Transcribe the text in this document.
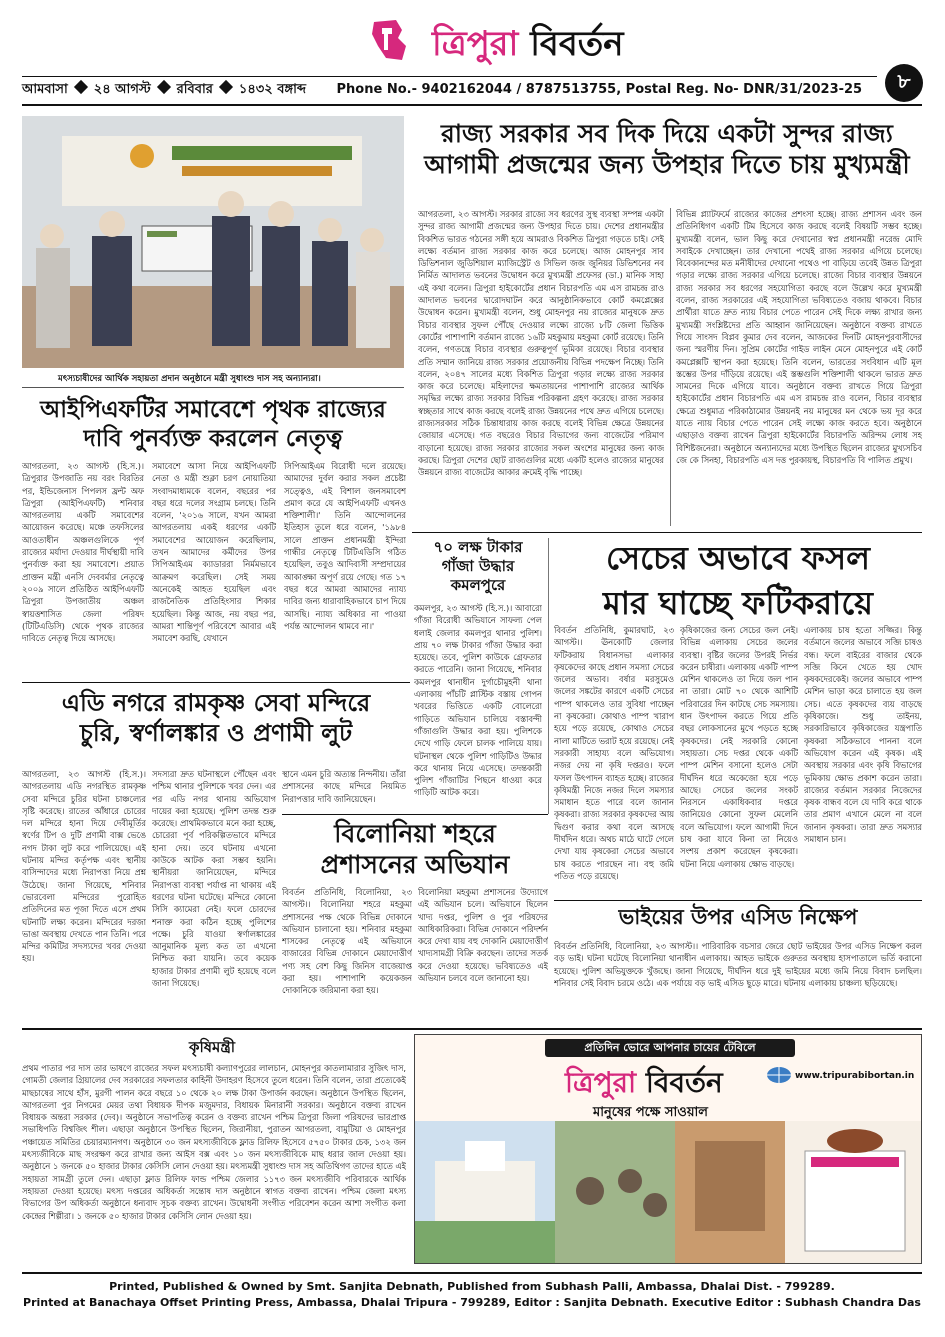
ত্রিপুরা বিবর্তন
৮
আমবাসা ২৪ আগস্ট রবিবার ১৪৩২ বঙ্গাব্দ Phone No.- 9402162044 / 8787513755, Postal Reg. No- DNR/31/2023-25
মৎস্যচাষীদের আর্থিক সহায়তা প্রদান অনুষ্ঠানে মন্ত্রী সুধাংশু দাস সহ অন্যান্যরা।
রাজ্য সরকার সব দিক দিয়ে একটা সুন্দর রাজ্য
আগামী প্রজন্মের জন্য উপহার দিতে চায় মুখ্যমন্ত্রী
আগরতলা, ২৩ আগস্ট। সরকার রাজ্যে সব ধরণের সুস্থ ব্যবস্থা সম্পন্ন একটা সুন্দর রাজ্য আগামী প্রজন্মের জন্য উপহার দিতে চায়। দেশের প্রধানমন্ত্রীর বিকশিত ভারত গঠনের সঙ্গী হয়ে আমরাও বিকশিত ত্রিপুরা গড়তে চাই। সেই লক্ষ্যে বর্তমান রাজ্য সরকার কাজ করে চলেছে। আজ মোহনপুর সাব ডিভিশনাল জুডিশিয়াল ম্যাজিস্ট্রেট ও সিভিল জজ জুনিয়র ডিভিশনের নব নির্মিত আদালত ভবনের উদ্বোধন করে মুখ্যমন্ত্রী প্রফেসর (ডা.) মানিক সাহা এই কথা বলেন। ত্রিপুরা হাইকোর্টের প্রধান বিচারপতি এম এস রামচন্দ্র রাও আদালত ভবনের দ্বারোদঘাটন করে আনুষ্ঠানিকভাবে কোর্ট কমপ্লেক্সের উদ্বোধন করেন। মুখ্যমন্ত্রী বলেন, শুধু মোহনপুর নয় রাজ্যের মানুষকে দ্রুত বিচার ব্যবস্থার সুফল পৌঁছে দেওয়ার লক্ষ্যে রাজ্যে ৮টি জেলা ভিত্তিক কোর্টের পাশাপাশি বর্তমান রাজ্যে ১৬টি মহকুমায় মহকুমা কোর্ট রয়েছে। তিনি বলেন, গণতন্ত্রে বিচার ব্যবস্থার গুরুত্বপূর্ণ ভূমিকা রয়েছে। বিচার ব্যবস্থার প্রতি সম্মান জানিয়ে রাজ্য সরকার প্রয়োজনীয় বিভিন্ন পদক্ষেপ নিচ্ছে। তিনি বলেন, ২০৪৭ সালের মধ্যে বিকশিত ত্রিপুরা গড়ার লক্ষ্যে রাজ্য সরকার কাজ করে চলেছে। মহিলাদের ক্ষমতায়নের পাশাপাশি রাজ্যের আর্থিক সমৃদ্ধির লক্ষ্যে রাজ্য সরকার বিভিন্ন পরিকল্পনা গ্রহণ করেছে। রাজ্য সরকার স্বচ্ছতার সাথে কাজ করছে বলেই রাজ্য উন্নয়নের পথে দ্রুত এগিয়ে চলেছে। রাজ্যসরকার সঠিক চিন্তাধারায় কাজ করছে বলেই বিভিন্ন ক্ষেত্রে উন্নয়নের জোয়ার এসেছে। গত বছরেও বিচার বিভাগের জন্য বাজেটের পরিমাণ বাড়ানো হয়েছে। রাজ্য সরকার রাজ্যের সকল অংশের মানুষের জন্য কাজ করছে। ত্রিপুরা দেশের ছোট রাজ্যগুলির মধ্যে একটি হলেও রাজ্যের মানুষের উন্নয়নে রাজ্য বাজেটের আকার ক্রমেই বৃদ্ধি পাচ্ছে।
বিভিন্ন প্ল্যাটফর্মে রাজ্যের কাজের প্রশংসা হচ্ছে। রাজ্য প্রশাসন এবং জন প্রতিনিধিগণ একটি টিম হিসেবে কাজ করছে বলেই বিষয়টি সম্ভব হচ্ছে। মুখ্যমন্ত্রী বলেন, ভাল কিছু করে দেখানোর স্বপ্ন প্রধানমন্ত্রী নরেন্দ্র মোদি সবাইকে দেখাচ্ছেন। তার দেখানো পথেই রাজ্য সরকার এগিয়ে চলেছে। বিবেকানন্দের মত মনীষীদের দেখানো পথেও পা বাড়িয়ে তবেই উন্নত ত্রিপুরা গড়ার লক্ষ্যে রাজ্য সরকার এগিয়ে চলেছে। রাজ্যে বিচার ব্যবস্থার উন্নয়নে রাজ্য সরকার সব ধরণের সহযোগিতা করছে বলে উল্লেখ করে মুখ্যমন্ত্রী বলেন, রাজ্য সরকারের এই সহযোগিতা ভবিষ্যতেও বজায় থাকবে। বিচার প্রার্থীরা যাতে দ্রুত ন্যায় বিচার পেতে পারেন সেই দিকে লক্ষ্য রাখার জন্য মুখ্যমন্ত্রী সংশ্লিষ্টদের প্রতি আহ্বান জানিয়েছেন। অনুষ্ঠানে বক্তব্য রাখতে গিয়ে সাংসদ বিপ্লব কুমার দেব বলেন, আজকের দিনটি মোহনপুরবাসীদের জন্য স্মরণীয় দিন। সুপ্রিম কোর্টের গাইড লাইন মেনে মোহনপুরে এই কোর্ট কমপ্লেক্সটি স্থাপন করা হয়েছে। তিনি বলেন, ভারতের সংবিধান এটি মূল স্তম্ভের উপর দাঁড়িয়ে রয়েছে। এই স্তম্ভগুলি শক্তিশালী থাকলে ভারত দ্রুত সামনের দিকে এগিয়ে যাবে। অনুষ্ঠানে বক্তব্য রাখতে গিয়ে ত্রিপুরা হাইকোর্টের প্রধান বিচারপতি এম এস রামচন্দ্র রাও বলেন, বিচার ব্যবস্থার ক্ষেত্রে শুধুমাত্র পরিকাঠামোর উন্নয়নই নয় মানুষের মন থেকে ভয় দূর করে যাতে ন্যায় বিচার পেতে পারেন সেই লক্ষ্যে কাজ করতে হবে। অনুষ্ঠানে এছাড়াও বক্তব্য রাখেন ত্রিপুরা হাইকোর্টের বিচারপতি অরিন্দম লোধ সহ বিশিষ্টজনেরা। অনুষ্ঠানে অন্যান্যদের মধ্যে উপস্থিত ছিলেন রাজ্যের মুখ্যসচিব জে কে সিনহা, বিচারপতি এস দত্ত পুরকায়স্থ, বিচারপতি বি পালিত প্রমুখ।
আইপিএফটির সমাবেশে পৃথক রাজ্যের
দাবি পুনর্ব্যক্ত করলেন নেতৃত্ব
আগরতলা, ২৩ আগস্ট (হি.স.)। ত্রিপুরার উপজাতি নয় বরং বিরতির পর, ইন্ডিজেনাস পিপলস ফ্রন্ট অফ ত্রিপুরা (আইপিএফটি) শনিবার আগরতলায় একটি সমাবেশের আয়োজন করেছে। মঞ্চে তফসিলের আওতাধীন অঞ্চলগুলিকে পূর্ণ রাজ্যের মর্যাদা দেওয়ার দীর্ঘস্থায়ী দাবি পুনর্ব্যক্ত করা হয় সমাবেশে। প্রয়াত প্রাক্তন মন্ত্রী এনসি দেববর্মার নেতৃত্বে ২০০৯ সালে প্রতিষ্ঠিত আইপিএফটি ত্রিপুরা উপজাতীয় অঞ্চল স্বায়ত্তশাসিত জেলা পরিষদ (টিটিএডিসি) থেকে পৃথক রাজ্যের দাবিতে নেতৃত্ব দিয়ে আসছে।
সমাবেশে আসা নিয়ে আইপিএফটি নেতা ও মন্ত্রী শুক্লা চরণ নোয়াতিয়া সংবাদমাধ্যমকে বলেন, বছরের পর বছর ধরে দলের সংগ্রাম চলছে। তিনি বলেন, '২০১৬ সালে, যখন আমরা আগরতলায় একই ধরণের একটি সমাবেশের আয়োজন করেছিলাম, তখন আমাদের কর্মীদের উপর সিপিআইএম ক্যাডাররা নির্মমভাবে আক্রমণ করেছিল। সেই সময় অনেকেই আহত হয়েছিল এবং রাজনৈতিক প্রতিহিংসার শিকার হয়েছিল। কিন্তু আজ, নয় বছর পর, আমরা শান্তিপূর্ণ পরিবেশে আবার এই সমাবেশ করছি, যেখানে
সিপিআইএম বিরোধী দলে রয়েছে। আমাদের দুর্বল করার সকল প্রচেষ্টা সত্ত্বেও, এই বিশাল জনসমাবেশ প্রমাণ করে যে আইপিএফটি এখনও শক্তিশালী।' তিনি আন্দোলনের ইতিহাস তুলে ধরে বলেন, '১৯৮৪ সালে প্রাক্তন প্রধানমন্ত্রী ইন্দিরা গান্ধীর নেতৃত্বে টিটিএডিসি গঠিত হয়েছিল, তবুও আদিবাসী সম্প্রদায়ের আকাঙ্ক্ষা অপূর্ণ রয়ে গেছে। গত ১৭ বছর ধরে আমরা আমাদের ন্যায্য দাবির জন্য ধারাবাহিকভাবে চাপ দিয়ে আসছি। ন্যায্য অধিকার না পাওয়া পর্যন্ত আন্দোলন থামবে না।'
৭০ লক্ষ টাকার
গাঁজা উদ্ধার
কমলপুরে
কমলপুর, ২৩ আগস্ট (হি.স.)। আবারো গাঁজা বিরোধী অভিযানে সাফল্য পেল ধলাই জেলার কমলপুর থানার পুলিশ। প্রায় ৭০ লক্ষ টাকার গাঁজা উদ্ধার করা হয়েছে। তবে, পুলিশ কাউকে গ্রেফতার করতে পারেনি। জানা গিয়েছে, শনিবার কমলপুর থানাধীন দুর্গাচৌমুহনী থানা এলাকায় পাঁচটি প্লাস্টিক বস্তায় গোপন খবরের ভিত্তিতে একটি বোলেরো গাড়িতে অভিযান চালিয়ে বস্তাবন্দী গাঁজাগুলি উদ্ধার করা হয়। পুলিশকে দেখে গাড়ি ফেলে চালক পালিয়ে যায়। ঘটনাস্থল থেকে পুলিশ গাড়িটিও উদ্ধার করে থানায় নিয়ে এসেছে। তদন্তকারী পুলিশ গাঁজাটির পিছনে ধাওয়া করে গাড়িটি আটক করে।
সেচের অভাবে ফসল
মার ঘাচ্ছে ফটিকরায়ে
বিবর্তন প্রতিনিধি, কুমারঘাট, ২৩ আগস্ট।। ঊনকোটি জেলার ফটিকরায় বিধানসভা এলাকার কৃষকেদের কাছে প্রধান সমস্যা সেচের জলের অভাব। বর্ষার মরসুমেও জলের সঙ্কটের কারণে একটি সেচের পাম্প থাকলেও তার সুবিধা পাচ্ছেন না কৃষকেরা। কোথাও পাম্প খারাপ হয়ে পড়ে রয়েছে, কোথাও সেচের নালা মাটিতে ভরাট হয়ে রয়েছে। নেই সরকারী সাহায্য বলে অভিযোগ। নজর দেয় না কৃষি দপ্তরও। ফলে ফসল উৎপাদন ব্যাহত হচ্ছে। রাজ্যের কৃষিমন্ত্রী নিজে নজর দিলে সমস্যার সমাধান হতে পারে বলে জানান কৃষকরা। রাজ্য সরকার কৃষকদের আয় দ্বিগুণ করার কথা বলে আসছে দীর্ঘদিন ধরে। অথচ মাঠে ঘাটে গেলে দেখা যায় কৃষকেরা সেচের অভাবে চাষ করতে পারছেন না। বহু জমি পতিত পড়ে রয়েছে।
কৃষিকাজের জন্য সেচের জল নেই। বিভিন্ন এলাকায় সেচের জলের ব্যবস্থা। বৃষ্টির জলের উপরই নির্ভর করেন চাষীরা। এলাকায় একটি পাম্প মেশিন থাকলেও তা দিয়ে জল পান না তারা। মোট ৭০ থেকে আশিটি পরিবারের দিন কাটছে সেচ সমস্যায়। ধান উৎপাদন করতে গিয়ে প্রতি বছর লোকসানের মুখে পড়তে হচ্ছে কৃষকদের। নেই সরকারি কোনো সহায়তা। সেচ দপ্তর থেকে একটি পাম্প মেশিন বসানো হলেও সেটা দীর্ঘদিন ধরে অকেজো হয়ে পড়ে আছে। সেচের জলের সংকট নিরসনে একাধিকবার দপ্তরে জানিয়েও কোনো সুফল মেলেনি বলে অভিযোগ। ফলে আগামী দিনে চাষ করা যাবে কিনা তা নিয়েও সংশয় প্রকাশ করেছেন কৃষকেরা। ঘটনা নিয়ে এলাকায় ক্ষোভ বাড়ছে।
এলাকায় চাষ হতো সজ্জির। কিন্তু বর্তমানে জলের অভাবে সব্জি চাষও বন্ধ। ফলে বাইরের বাজার থেকে সব্জি কিনে খেতে হয় খোদ কৃষকদেরকেই। জলের অভাবে পাম্প মেশিন ভাড়া করে চালাতে হয় জল সেচ। এতে কৃষকদের ব্যয় বাড়ছে কৃষিকাজে। শুধু তাইনয়, সরকারিভাবে কৃষিকাজের যন্ত্রপাতি কৃষকরা সঠিকভাবে পাননা বলে অভিযোগ করেন এই কৃষক। এই অবস্থায় সরকার এবং কৃষি বিভাগের ভূমিকায় ক্ষোভ প্রকাশ করেন তারা। রাজ্যের বর্তমান সরকার নিজেদের কৃষক বান্ধব বলে যে দাবি করে থাকে তার প্রমাণ এখানে মেলে না বলে জানান কৃষকরা। তারা দ্রুত সমস্যার সমাধান চান।
এডি নগরে রামকৃষ্ণ সেবা মন্দিরে
চুরি, স্বর্ণালঙ্কার ও প্রণামী লুট
আগরতলা, ২৩ আগস্ট (হি.স.)। আগরতলায় এডি নগরস্থিত রামকৃষ্ণ সেবা মন্দিরে চুরির ঘটনা চাঞ্চল্যের সৃষ্টি করেছে। রাতের আঁধারে চোরের দল মন্দিরে হানা দিয়ে দেবীমূর্তির স্বর্ণের টিপ ও দুটি প্রণামী বাক্স ভেঙে নগদ টাকা লুট করে পালিয়েছে। এই ঘটনায় মন্দির কর্তৃপক্ষ এবং স্থানীয় বাসিন্দাদের মধ্যে নিরাপত্তা নিয়ে প্রশ্ন উঠেছে। জানা গিয়েছে, শনিবার ভোরবেলা মন্দিরের পুরোহিত প্রতিদিনের মত পূজা দিতে এসে প্রথম ঘটনাটি লক্ষ্য করেন। মন্দিরের দরজা ভাঙা অবস্থায় দেখতে পান তিনি। পরে মন্দির কমিটির সদস্যদের খবর দেওয়া হয়।
সদস্যরা দ্রুত ঘটনাস্থলে পৌঁছেন এবং পশ্চিম থানার পুলিশকে খবর দেন। এর পর এডি নগর থানায় অভিযোগ দায়ের করা হয়েছে। পুলিশ তদন্ত শুরু করেছে। প্রাথমিকভাবে মনে করা হচ্ছে, চোরেরা পূর্ব পরিকল্পিতভাবে মন্দিরে হানা দেয়। তবে ঘটনায় এখনো কাউকে আটক করা সম্ভব হয়নি। স্থানীয়রা জানিয়েছেন, মন্দিরে নিরাপত্তা ব্যবস্থা পর্যাপ্ত না থাকায় এই ধরণের ঘটনা ঘটেছে। মন্দিরে কোনো সিসি ক্যামেরা নেই। ফলে চোরদের শনাক্ত করা কঠিন হচ্ছে পুলিশের পক্ষে। চুরি যাওয়া স্বর্ণালঙ্কারের আনুমানিক মূল্য কত তা এখনো নিশ্চিত করা যায়নি। তবে কয়েক হাজার টাকার প্রণামী লুট হয়েছে বলে জানা গিয়েছে।
স্থানে এমন চুরি অত্যন্ত নিন্দনীয়। তাঁরা প্রশাসনের কাছে মন্দিরে নিয়মিত নিরাপত্তার দাবি জানিয়েছেন।
বিলোনিয়া শহরে
প্রশাসনের অভিযান
বিবর্তন প্রতিনিধি, বিলোনিয়া, ২৩ আগস্ট।। বিলোনিয়া শহরে মহকুমা প্রশাসনের পক্ষ থেকে বিভিন্ন দোকানে অভিযান চালানো হয়। শনিবার মহকুমা শাসকের নেতৃত্বে এই অভিযানে বাজারের বিভিন্ন দোকানে মেয়াদোত্তীর্ণ পণ্য সহ বেশ কিছু জিনিস বাজেয়াপ্ত করা হয়। পাশাপাশি কয়েকজন দোকানিকে জরিমানা করা হয়।
বিলোনিয়া মহকুমা প্রশাসনের উদ্যোগে এই অভিযান চলে। অভিযানে ছিলেন খাদ্য দপ্তর, পুলিশ ও পুর পরিষদের আধিকারিকরা। বিভিন্ন দোকানে পরিদর্শন করে দেখা যায় বহু দোকানি মেয়াদোত্তীর্ণ খাদ্যসামগ্রী বিক্রি করছেন। তাদের সতর্ক করে দেওয়া হয়েছে। ভবিষ্যতেও এই অভিযান চলবে বলে জানানো হয়।
ভাইয়ের উপর এসিড নিক্ষেপ
বিবর্তন প্রতিনিধি, বিলোনিয়া, ২৩ আগস্ট।। পারিবারিক বচসার জেরে ছোট ভাইয়ের উপর এসিড নিক্ষেপ করল বড় ভাই। ঘটনা ঘটেছে বিলোনিয়া থানাধীন এলাকায়। আহত ভাইকে গুরুতর অবস্থায় হাসপাতালে ভর্তি করানো হয়েছে। পুলিশ অভিযুক্তকে খুঁজছে। জানা গিয়েছে, দীর্ঘদিন ধরে দুই ভাইয়ের মধ্যে জমি নিয়ে বিবাদ চলছিল। শনিবার সেই বিবাদ চরমে ওঠে। এক পর্যায়ে বড় ভাই এসিড ছুড়ে মারে। ঘটনায় এলাকায় চাঞ্চল্য ছড়িয়েছে।
কৃষিমন্ত্রী
প্রথম পাতার পর দাস তার ভাষণে রাজ্যের সফল মৎস্যচাষী কল্যাণপুরের লালচান, মোহনপুর কাতলামারার সুজিৎ দাস, গোমতী জেলার গ্রিয়ালের দেব সরকারের সফলতার কাহিনী উদাহরণ হিসেবে তুলে ধরেন। তিনি বলেন, তারা প্রত্যেকেই মাছচাষের সাথে হাঁস, মুরগী পালন করে বছরে ১০ থেকে ২০ লক্ষ টাকা উপার্জন করছেন। অনুষ্ঠানে উপস্থিত ছিলেন, আগরতলা পুর নিগমের মেয়র তথা বিধায়ক দীপক মজুমদার, বিধায়ক মিনারানী সরকার। অনুষ্ঠানে বক্তব্য রাখেন বিধায়ক অন্তরা সরকার (দেব)। অনুষ্ঠানে সভাপতিত্ব করেন ও বক্তব্য রাখেন পশ্চিম ত্রিপুরা জিলা পরিষদের ভারপ্রাপ্ত সভাধিপতি বিশ্বজিৎ শীল। এছাড়া অনুষ্ঠানে উপস্থিত ছিলেন, জিরানীয়া, পুরাতন আগরতলা, বামুটিয়া ও মোহনপুর পঞ্চায়েত সমিতির চেয়ারম্যানগণ। অনুষ্ঠানে ৩০ জন মৎস্যজীবিকে ফ্লাড রিলিফ হিসেবে ৫৭৫০ টাকার চেক, ১৩২ জন মৎস্যজীবিকে মাছ সংরক্ষণ করে রাখার জন্য আইস বক্স এবং ১০ জন মৎস্যজীবিকে মাছ ধরার জাল দেওয়া হয়। অনুষ্ঠানে ১ জনকে ৫০ হাজার টাকার কেসিসি লোন দেওয়া হয়। মৎস্যমন্ত্রী সুধাংশু দাস সহ অতিথিগণ তাদের হাতে এই সহায়তা সামগ্রী তুলে দেন। এছাড়া ফ্লাড রিলিফ ফান্ড পশ্চিম জেলার ১১৭৩ জন মৎস্যজীবি পরিবারকে আর্থিক সহায়তা দেওয়া হয়েছে। মৎস্য দপ্তরের অধিকর্তা সন্তোষ দাস অনুষ্ঠানে স্বাগত বক্তব্য রাখেন। পশ্চিম জেলা মৎস্য বিভাগের উপ অধিকর্তা অনুষ্ঠানে ধন্যবাদ সূচক বক্তব্য রাখেন। উদ্বোধনী সংগীত পরিবেশন করেন আশা সংগীত কলা কেন্দ্রের শিল্পীরা। ১ জনকে ৫০ হাজার টাকার কেসিসি লোন দেওয়া হয়।
প্রতিদিন ভোরে আপনার চায়ের টেবিলে
ত্রিপুরা বিবর্তন
মানুষের পক্ষে সাওয়াল
www.tripurabibortan.in
Printed, Published & Owned by Smt. Sanjita Debnath, Published from Subhash Palli, Ambassa, Dhalai Dist. - 799289.
Printed at Banachaya Offset Printing Press, Ambassa, Dhalai Tripura - 799289, Editor : Sanjita Debnath. Executive Editor : Subhash Chandra Das
